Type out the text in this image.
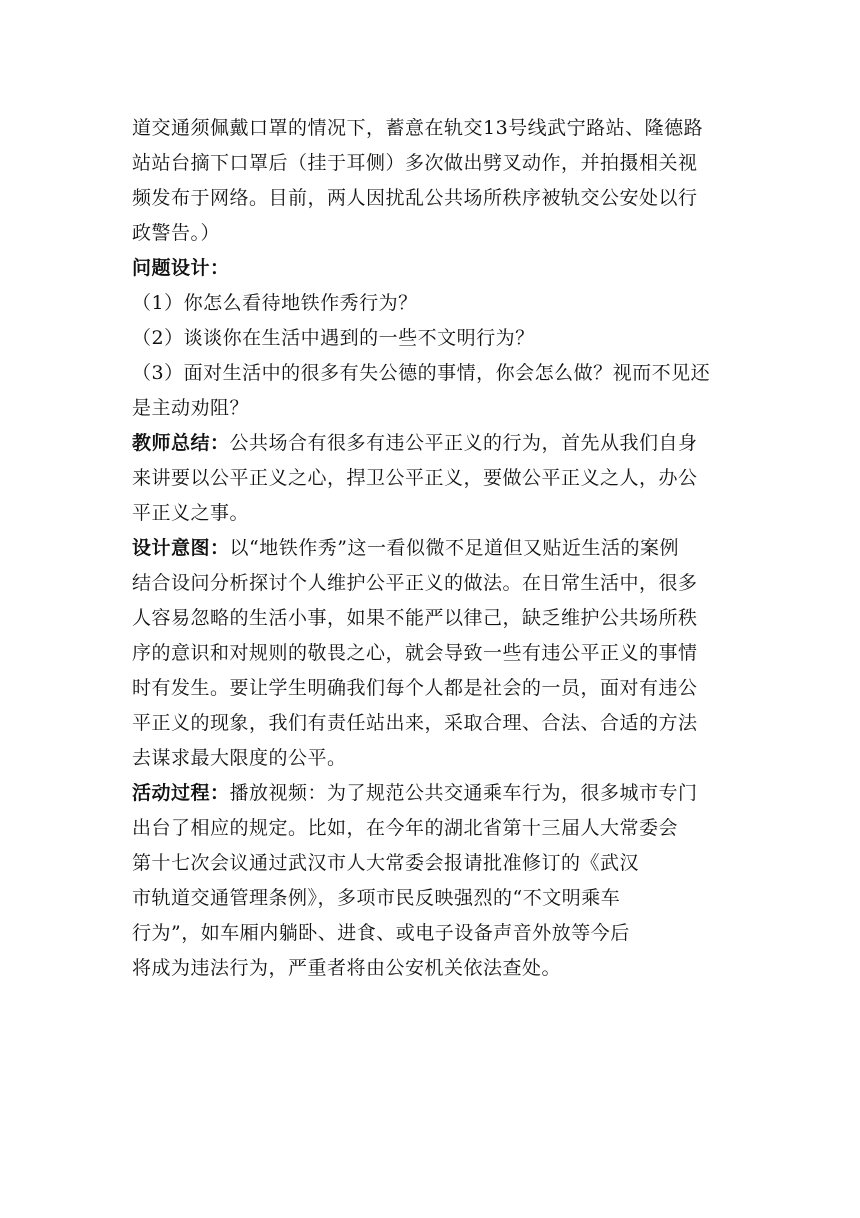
道交通须佩戴口罩的情况下，蓄意在轨交13号线武宁路站、隆德路
站站台摘下口罩后（挂于耳侧）多次做出劈叉动作，并拍摄相关视
频发布于网络。目前，两人因扰乱公共场所秩序被轨交公安处以行
政警告。）
问题设计：
（1）你怎么看待地铁作秀行为？
（2）谈谈你在生活中遇到的一些不文明行为？
（3）面对生活中的很多有失公德的事情，你会怎么做？视而不见还
是主动劝阻？
教师总结：公共场合有很多有违公平正义的行为，首先从我们自身
来讲要以公平正义之心，捍卫公平正义，要做公平正义之人，办公
平正义之事。
设计意图：以“地铁作秀”这一看似微不足道但又贴近生活的案例
结合设问分析探讨个人维护公平正义的做法。在日常生活中，很多
人容易忽略的生活小事，如果不能严以律己，缺乏维护公共场所秩
序的意识和对规则的敬畏之心，就会导致一些有违公平正义的事情
时有发生。要让学生明确我们每个人都是社会的一员，面对有违公
平正义的现象，我们有责任站出来，采取合理、合法、合适的方法
去谋求最大限度的公平。
活动过程：播放视频：为了规范公共交通乘车行为，很多城市专门
出台了相应的规定。比如，在今年的湖北省第十三届人大常委会
第十七次会议通过武汉市人大常委会报请批准修订的《武汉
市轨道交通管理条例》，多项市民反映强烈的“不文明乘车
行为”，如车厢内躺卧、进食、或电子设备声音外放等今后
将成为违法行为，严重者将由公安机关依法查处。
